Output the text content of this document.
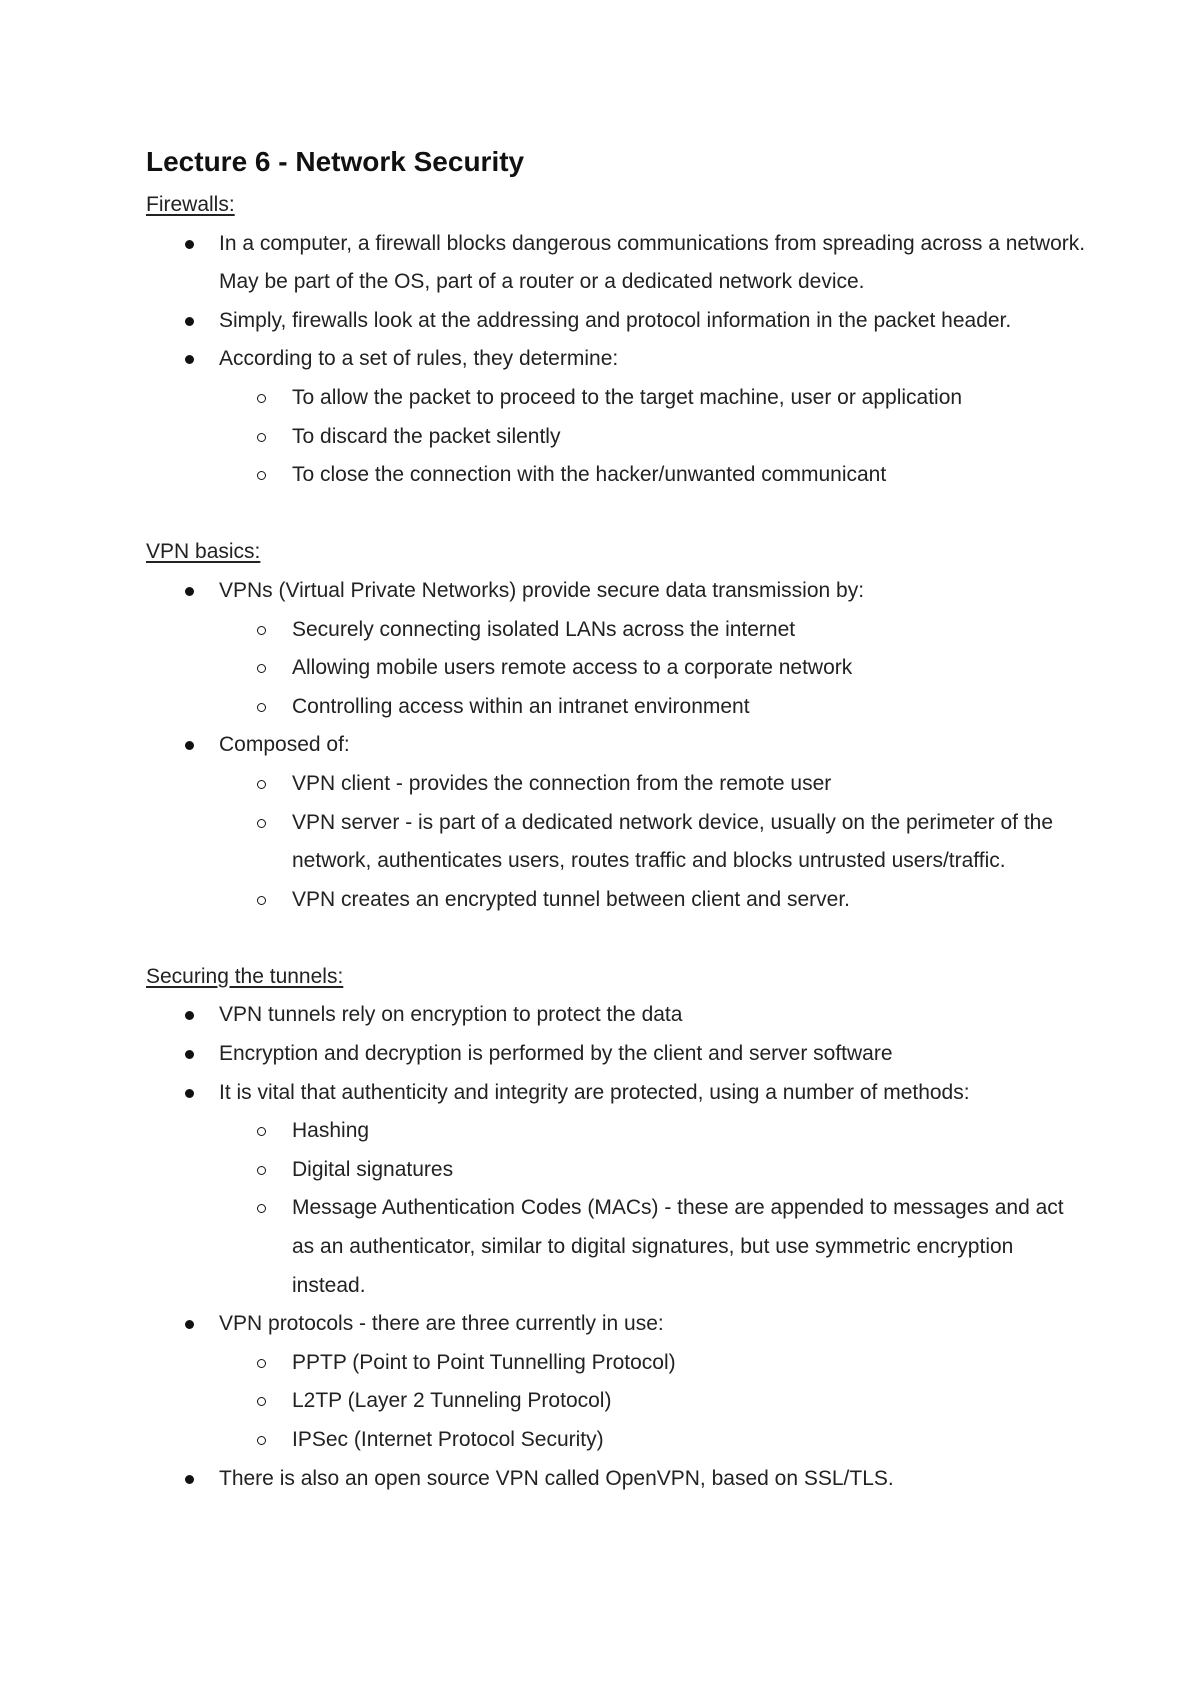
Lecture 6 - Network Security

Firewalls:

In a computer, a firewall blocks dangerous communications from spreading across a network. May be part of the OS, part of a router or a dedicated network device.
Simply, firewalls look at the addressing and protocol information in the packet header.
According to a set of rules, they determine:
To allow the packet to proceed to the target machine, user or application
To discard the packet silently
To close the connection with the hacker/unwanted communicant

VPN basics:

VPNs (Virtual Private Networks) provide secure data transmission by:
Securely connecting isolated LANs across the internet
Allowing mobile users remote access to a corporate network
Controlling access within an intranet environment
Composed of:
VPN client - provides the connection from the remote user
VPN server - is part of a dedicated network device, usually on the perimeter of the network, authenticates users, routes traffic and blocks untrusted users/traffic.
VPN creates an encrypted tunnel between client and server.

Securing the tunnels:

VPN tunnels rely on encryption to protect the data
Encryption and decryption is performed by the client and server software
It is vital that authenticity and integrity are protected, using a number of methods:
Hashing
Digital signatures
Message Authentication Codes (MACs) - these are appended to messages and act as an authenticator, similar to digital signatures, but use symmetric encryption instead.
VPN protocols - there are three currently in use:
PPTP (Point to Point Tunnelling Protocol)
L2TP (Layer 2 Tunneling Protocol)
IPSec (Internet Protocol Security)
There is also an open source VPN called OpenVPN, based on SSL/TLS.
